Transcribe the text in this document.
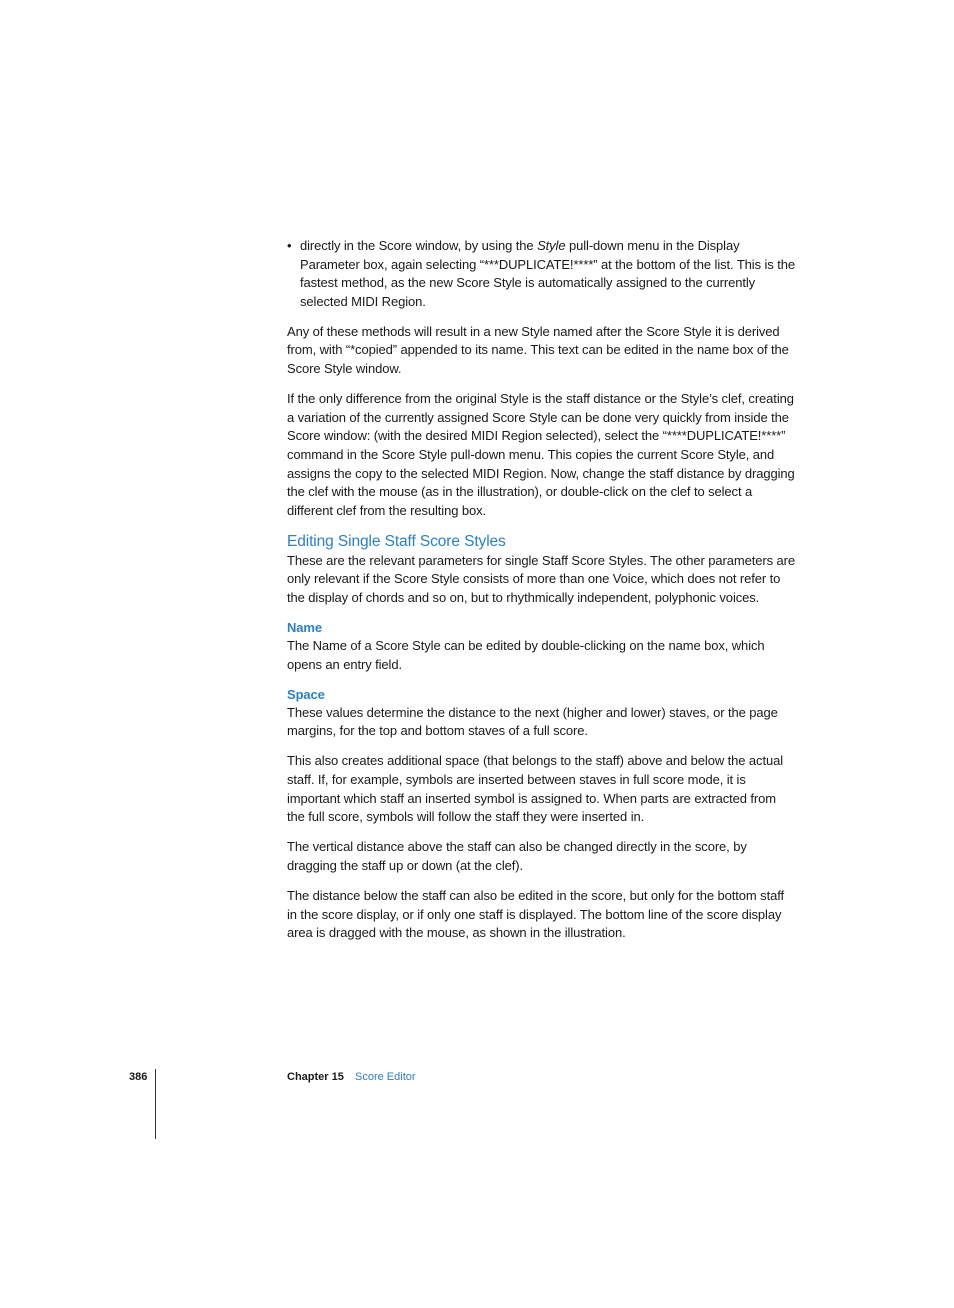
• directly in the Score window, by using the Style pull-down menu in the Display Parameter box, again selecting “***DUPLICATE!****” at the bottom of the list. This is the fastest method, as the new Score Style is automatically assigned to the currently selected MIDI Region.

Any of these methods will result in a new Style named after the Score Style it is derived from, with “*copied” appended to its name. This text can be edited in the name box of the Score Style window.

If the only difference from the original Style is the staff distance or the Style’s clef, creating a variation of the currently assigned Score Style can be done very quickly from inside the Score window: (with the desired MIDI Region selected), select the “****DUPLICATE!****” command in the Score Style pull-down menu. This copies the current Score Style, and assigns the copy to the selected MIDI Region. Now, change the staff distance by dragging the clef with the mouse (as in the illustration), or double-click on the clef to select a different clef from the resulting box.

Editing Single Staff Score Styles

These are the relevant parameters for single Staff Score Styles. The other parameters are only relevant if the Score Style consists of more than one Voice, which does not refer to the display of chords and so on, but to rhythmically independent, polyphonic voices.

Name

The Name of a Score Style can be edited by double-clicking on the name box, which opens an entry field.

Space

These values determine the distance to the next (higher and lower) staves, or the page margins, for the top and bottom staves of a full score.

This also creates additional space (that belongs to the staff) above and below the actual staff. If, for example, symbols are inserted between staves in full score mode, it is important which staff an inserted symbol is assigned to. When parts are extracted from the full score, symbols will follow the staff they were inserted in.

The vertical distance above the staff can also be changed directly in the score, by dragging the staff up or down (at the clef).

The distance below the staff can also be edited in the score, but only for the bottom staff in the score display, or if only one staff is displayed. The bottom line of the score display area is dragged with the mouse, as shown in the illustration.

386	Chapter 15 Score Editor
